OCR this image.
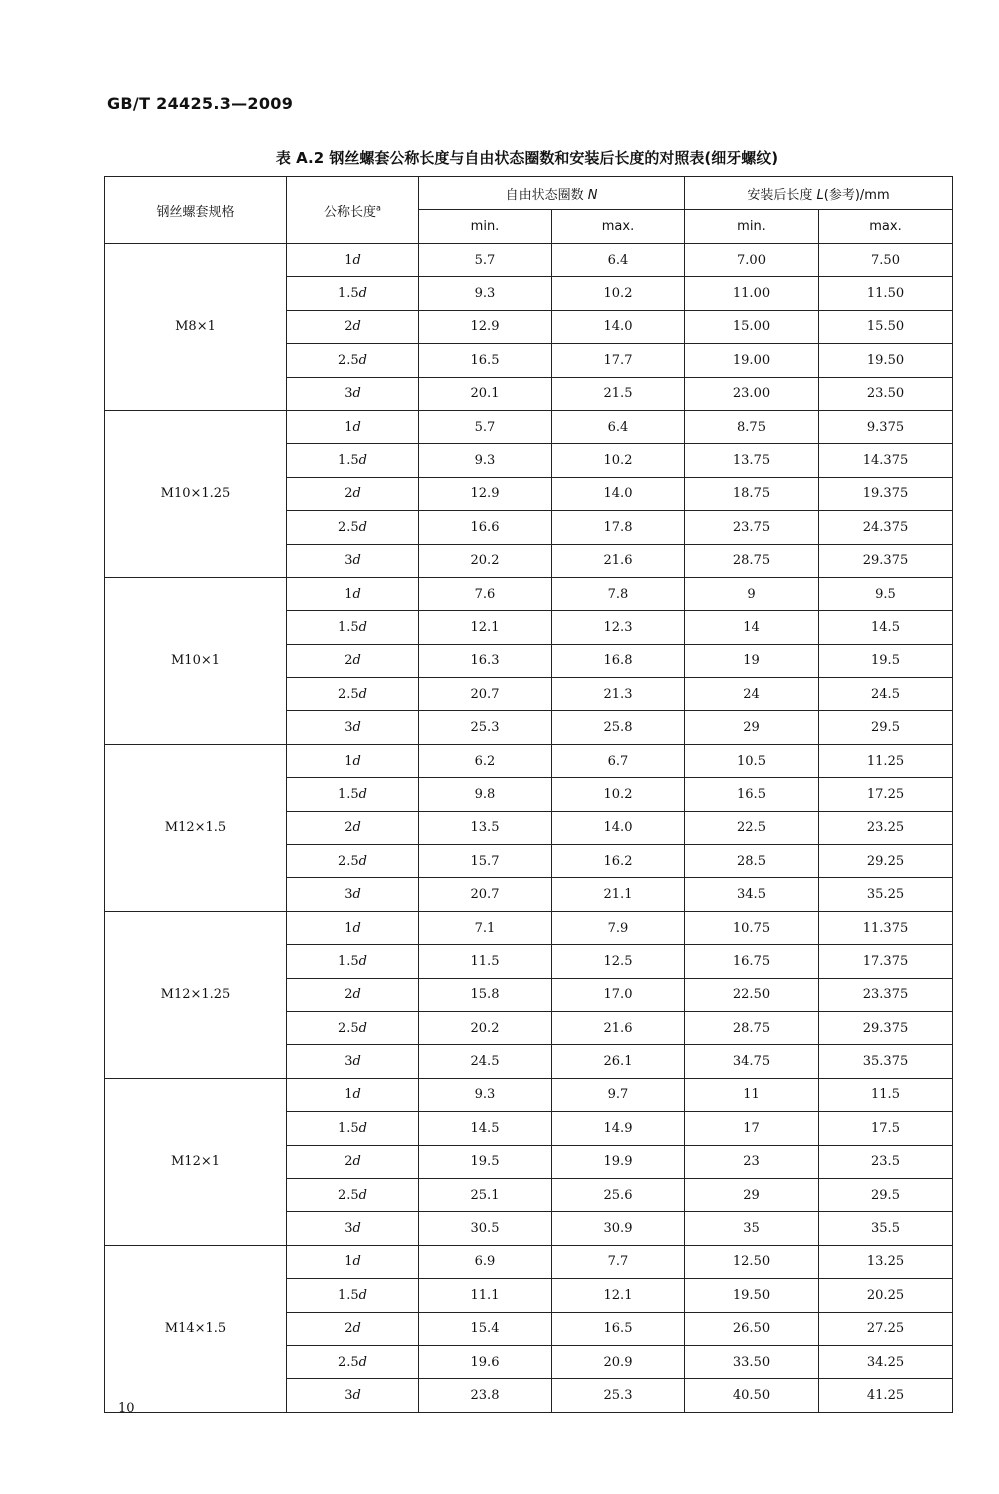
GB/T 24425.3—2009
表 A.2 钢丝螺套公称长度与自由状态圈数和安装后长度的对照表(细牙螺纹)
钢丝螺套规格	公称长度$^a$	自由状态圈数 N		安装后长度 L(参考)/mm	
		min.	max.	min.	max.
M8×1	1d	5.7	6.4	7.00	7.50
	1.5d	9.3	10.2	11.00	11.50
	2d	12.9	14.0	15.00	15.50
	2.5d	16.5	17.7	19.00	19.50
	3d	20.1	21.5	23.00	23.50
M10×1.25	1d	5.7	6.4	8.75	9.375
	1.5d	9.3	10.2	13.75	14.375
	2d	12.9	14.0	18.75	19.375
	2.5d	16.6	17.8	23.75	24.375
	3d	20.2	21.6	28.75	29.375
M10×1	1d	7.6	7.8	9	9.5
	1.5d	12.1	12.3	14	14.5
	2d	16.3	16.8	19	19.5
	2.5d	20.7	21.3	24	24.5
	3d	25.3	25.8	29	29.5
M12×1.5	1d	6.2	6.7	10.5	11.25
	1.5d	9.8	10.2	16.5	17.25
	2d	13.5	14.0	22.5	23.25
	2.5d	15.7	16.2	28.5	29.25
	3d	20.7	21.1	34.5	35.25
M12×1.25	1d	7.1	7.9	10.75	11.375
	1.5d	11.5	12.5	16.75	17.375
	2d	15.8	17.0	22.50	23.375
	2.5d	20.2	21.6	28.75	29.375
	3d	24.5	26.1	34.75	35.375
M12×1	1d	9.3	9.7	11	11.5
	1.5d	14.5	14.9	17	17.5
	2d	19.5	19.9	23	23.5
	2.5d	25.1	25.6	29	29.5
	3d	30.5	30.9	35	35.5
M14×1.5	1d	6.9	7.7	12.50	13.25
	1.5d	11.1	12.1	19.50	20.25
	2d	15.4	16.5	26.50	27.25
	2.5d	19.6	20.9	33.50	34.25
	3d	23.8	25.3	40.50	41.25
10
